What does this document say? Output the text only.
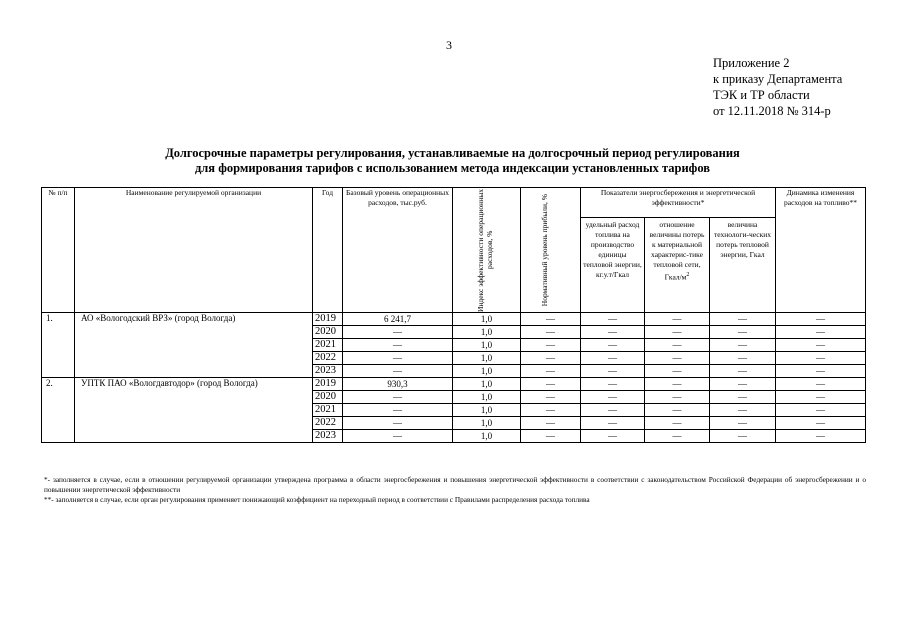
3
Приложение 2
к приказу Департамента
ТЭК и ТР области
от 12.11.2018 № 314-р
Долгосрочные параметры регулирования, устанавливаемые на долгосрочный период регулирования
для формирования тарифов с использованием метода индексации установленных тарифов
№ п/п	Наименование регулируемой организации	Год	Базовый уровень операционных расходов, тыс.руб.	Индекс эффективности операционных расходов, %	Нормативный уровень прибыли, %	Показатели энергосбережения и энергетической эффективности*			Динамика изменения расходов на топливо**
						удельный расход топлива на производство единицы тепловой энергии, кг.у.т/Гкал	отношение величины потерь к материальной характерис-тике тепловой сети, Гкал/$м^2$	величина технологи-ческих потерь тепловой энергии, Гкал	
1.	АО «Вологодский ВРЗ» (город Вологда)	2019	6 241,7	1,0	—	—	—	—	—
		2020	—	1,0	—	—	—	—	—
		2021	—	1,0	—	—	—	—	—
		2022	—	1,0	—	—	—	—	—
		2023	—	1,0	—	—	—	—	—
2.	УПТК ПАО «Вологдавтодор» (город Вологда)	2019	930,3	1,0	—	—	—	—	—
		2020	—	1,0	—	—	—	—	—
		2021	—	1,0	—	—	—	—	—
		2022	—	1,0	—	—	—	—	—
		2023	—	1,0	—	—	—	—	—

*- заполняется в случае, если в отношении регулируемой организации утверждена программа в области энергосбережения и повышения энергетической эффективности в соответствии с законодательством Российской Федерации об энергосбережении и о повышении энергетической эффективности

**- заполняется в случае, если орган регулирования применяет понижающий коэффициент на переходный период в соответствии с Правилами распределения расхода топлива
